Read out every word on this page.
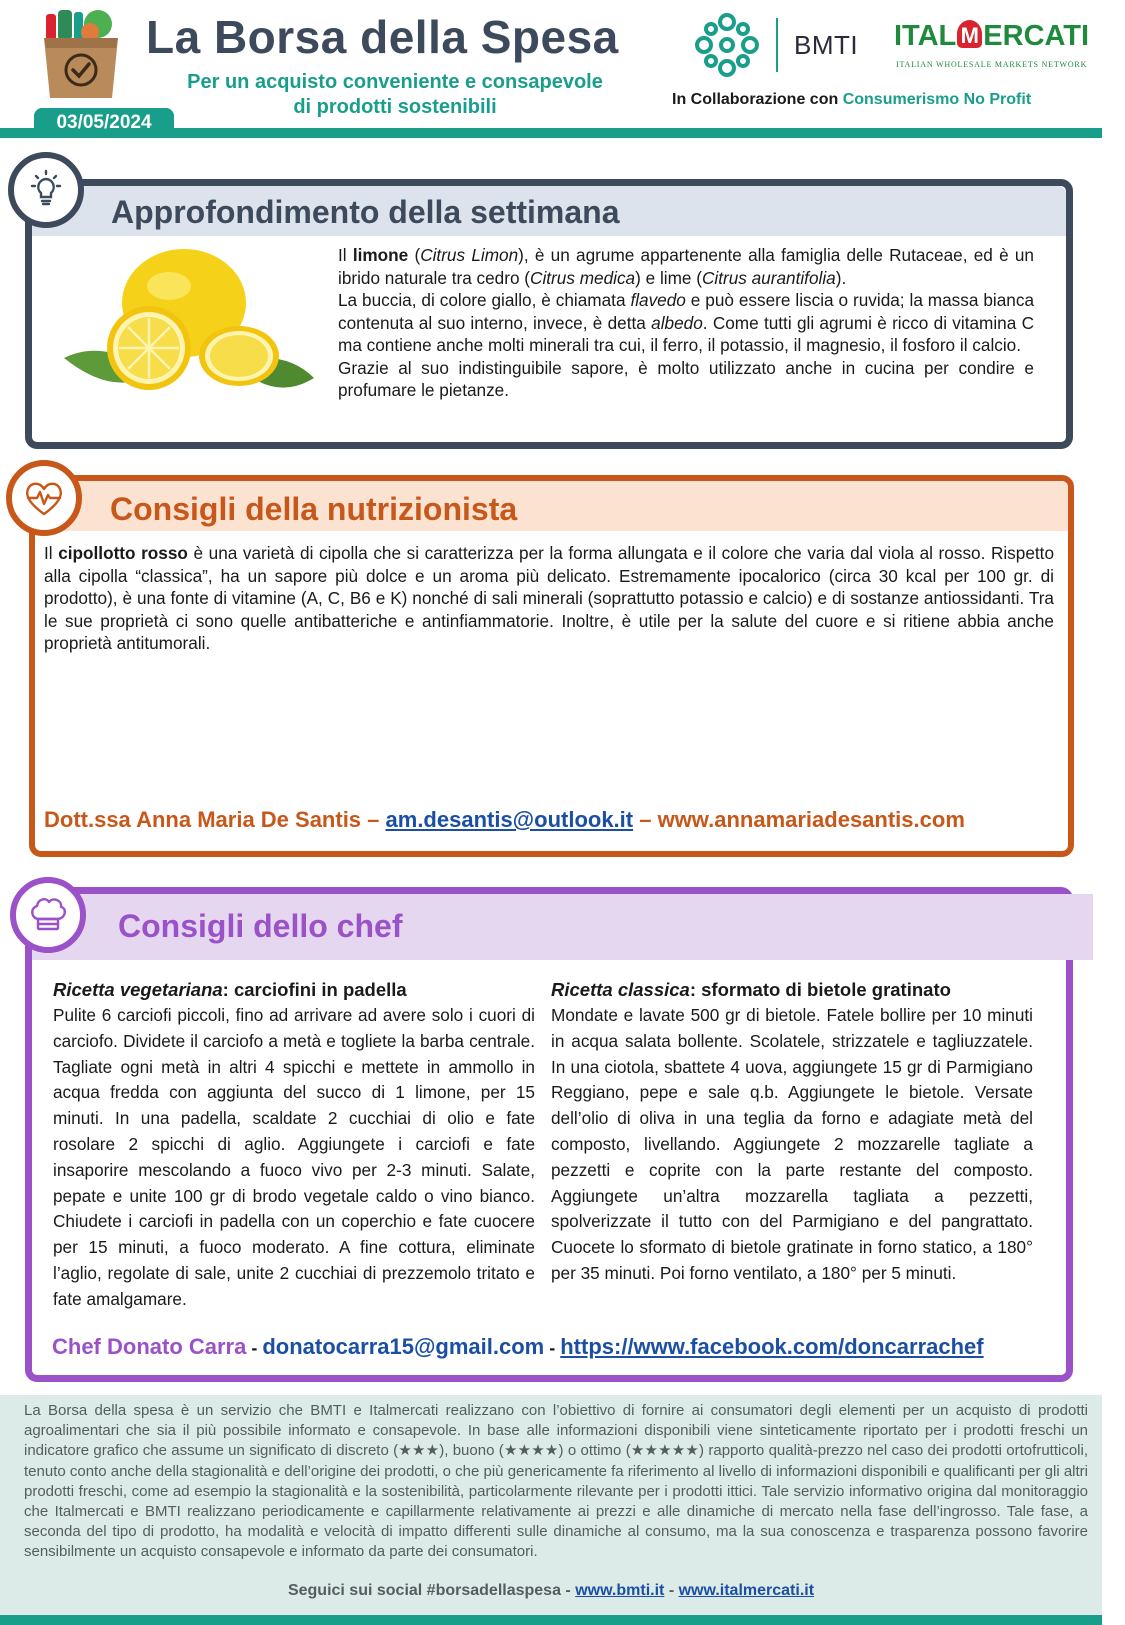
La Borsa della Spesa
Per un acquisto conveniente e consapevole
di prodotti sostenibili
BMTI ITAL M ERCATI
ITALIAN WHOLESALE MARKETS NETWORK
In Collaborazione con Consumerismo No Profit
03/05/2024
Approfondimento della settimana
Il limone (Citrus Limon), è un agrume appartenente alla famiglia delle Rutaceae, ed è un ibrido naturale tra cedro (Citrus medica) e lime (Citrus aurantifolia).
La buccia, di colore giallo, è chiamata flavedo e può essere liscia o ruvida; la massa bianca contenuta al suo interno, invece, è detta albedo. Come tutti gli agrumi è ricco di vitamina C ma contiene anche molti minerali tra cui, il ferro, il potassio, il magnesio, il fosforo il calcio.
Grazie al suo indistinguibile sapore, è molto utilizzato anche in cucina per condire e profumare le pietanze.
Consigli della nutrizionista
Il cipollotto rosso è una varietà di cipolla che si caratterizza per la forma allungata e il colore che varia dal viola al rosso. Rispetto alla cipolla “classica”, ha un sapore più dolce e un aroma più delicato. Estremamente ipocalorico (circa 30 kcal per 100 gr. di prodotto), è una fonte di vitamine (A, C, B6 e K) nonché di sali minerali (soprattutto potassio e calcio) e di sostanze antiossidanti. Tra le sue proprietà ci sono quelle antibatteriche e antinfiammatorie. Inoltre, è utile per la salute del cuore e si ritiene abbia anche proprietà antitumorali.
Dott.ssa Anna Maria De Santis – am.desantis@outlook.it – www.annamariadesantis.com
Consigli dello chef
Ricetta vegetariana: carciofini in padella

Pulite 6 carciofi piccoli, fino ad arrivare ad avere solo i cuori di carciofo. Dividete il carciofo a metà e togliete la barba centrale. Tagliate ogni metà in altri 4 spicchi e mettete in ammollo in acqua fredda con aggiunta del succo di 1 limone, per 15 minuti. In una padella, scaldate 2 cucchiai di olio e fate rosolare 2 spicchi di aglio. Aggiungete i carciofi e fate insaporire mescolando a fuoco vivo per 2-3 minuti. Salate, pepate e unite 100 gr di brodo vegetale caldo o vino bianco. Chiudete i carciofi in padella con un coperchio e fate cuocere per 15 minuti, a fuoco moderato. A fine cottura, eliminate l’aglio, regolate di sale, unite 2 cucchiai di prezzemolo tritato e fate amalgamare.

Ricetta classica: sformato di bietole gratinato

Mondate e lavate 500 gr di bietole. Fatele bollire per 10 minuti in acqua salata bollente. Scolatele, strizzatele e tagliuzzatele. In una ciotola, sbattete 4 uova, aggiungete 15 gr di Parmigiano Reggiano, pepe e sale q.b. Aggiungete le bietole. Versate dell’olio di oliva in una teglia da forno e adagiate metà del composto, livellando. Aggiungete 2 mozzarelle tagliate a pezzetti e coprite con la parte restante del composto. Aggiungete un’altra mozzarella tagliata a pezzetti, spolverizzate il tutto con del Parmigiano e del pangrattato. Cuocete lo sformato di bietole gratinate in forno statico, a 180° per 35 minuti. Poi forno ventilato, a 180° per 5 minuti.

Chef Donato Carra - donatocarra15@gmail.com - https://www.facebook.com/doncarrachef
La Borsa della spesa è un servizio che BMTI e Italmercati realizzano con l’obiettivo di fornire ai consumatori degli elementi per un acquisto di prodotti agroalimentari che sia il più possibile informato e consapevole. In base alle informazioni disponibili viene sinteticamente riportato per i prodotti freschi un indicatore grafico che assume un significato di discreto (★★★), buono (★★★★) o ottimo (★★★★★) rapporto qualità-prezzo nel caso dei prodotti ortofrutticoli, tenuto conto anche della stagionalità e dell’origine dei prodotti, o che più genericamente fa riferimento al livello di informazioni disponibili e qualificanti per gli altri prodotti freschi, come ad esempio la stagionalità e la sostenibilità, particolarmente rilevante per i prodotti ittici. Tale servizio informativo origina dal monitoraggio che Italmercati e BMTI realizzano periodicamente e capillarmente relativamente ai prezzi e alle dinamiche di mercato nella fase dell’ingrosso. Tale fase, a seconda del tipo di prodotto, ha modalità e velocità di impatto differenti sulle dinamiche al consumo, ma la sua conoscenza e trasparenza possono favorire sensibilmente un acquisto consapevole e informato da parte dei consumatori.
Seguici sui social #borsadellaspesa - www.bmti.it - www.italmercati.it
